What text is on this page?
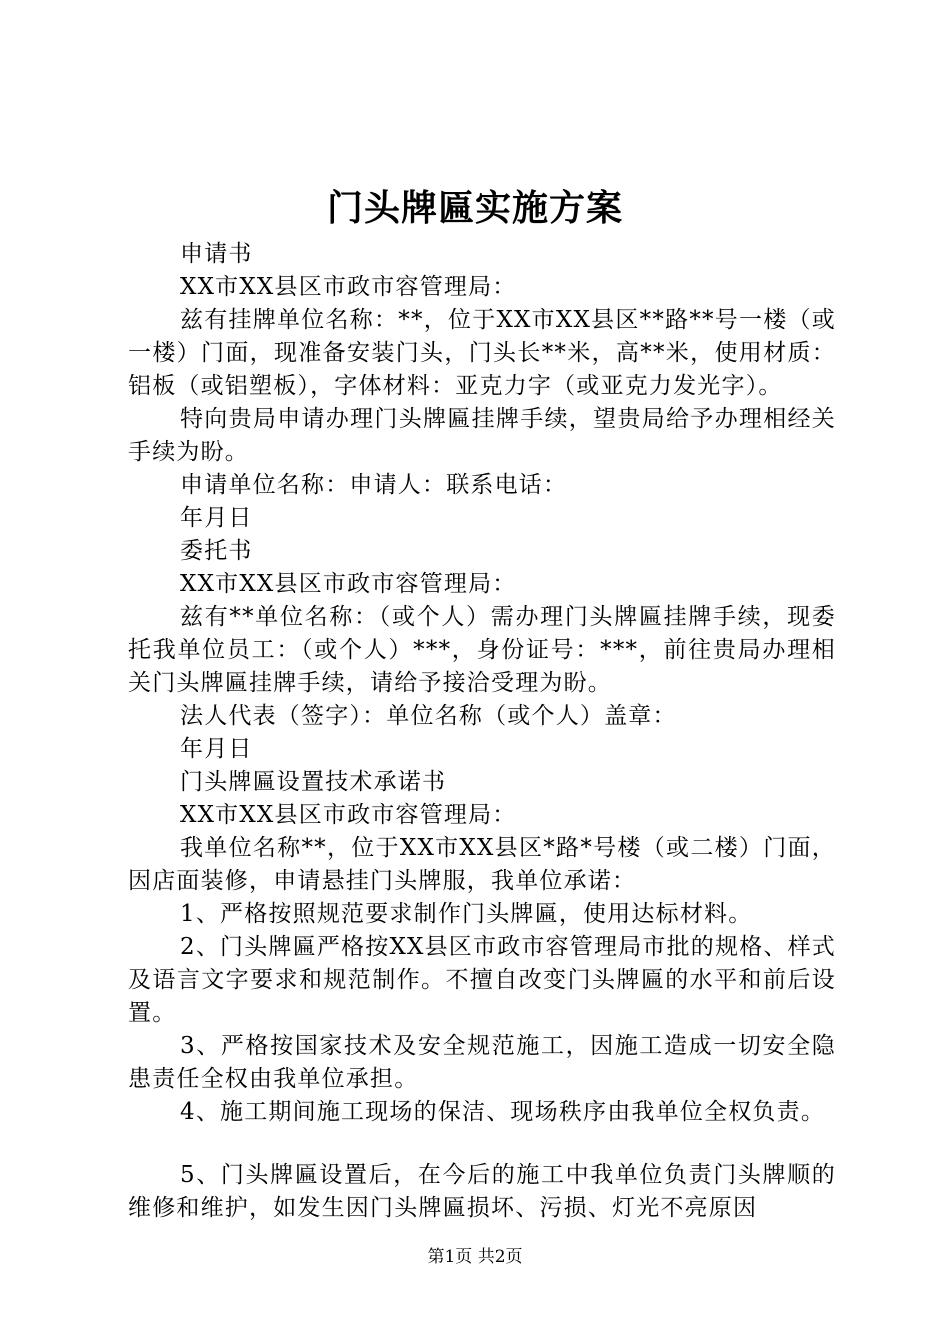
门头牌匾实施方案

申请书

XX市XX县区市政市容管理局：

兹有挂牌单位名称：**，位于XX市XX县区**路**号一楼（或一楼）门面，现准备安装门头，门头长**米，高**米，使用材质：铝板（或铝塑板），字体材料：亚克力字（或亚克力发光字）。

特向贵局申请办理门头牌匾挂牌手续，望贵局给予办理相经关手续为盼。

申请单位名称：申请人：联系电话：

年月日

委托书

XX市XX县区市政市容管理局：

兹有**单位名称：（或个人）需办理门头牌匾挂牌手续，现委托我单位员工：（或个人）***，身份证号：***，前往贵局办理相关门头牌匾挂牌手续，请给予接洽受理为盼。

法人代表（签字）：单位名称（或个人）盖章：

年月日

门头牌匾设置技术承诺书

XX市XX县区市政市容管理局：

我单位名称**，位于XX市XX县区*路*号楼（或二楼）门面，因店面装修，申请悬挂门头牌服，我单位承诺：

1、严格按照规范要求制作门头牌匾，使用达标材料。

2、门头牌匾严格按XX县区市政市容管理局市批的规格、样式及语言文字要求和规范制作。不擅自改变门头牌匾的水平和前后设置。

3、严格按国家技术及安全规范施工，因施工造成一切安全隐患责任全权由我单位承担。

4、施工期间施工现场的保洁、现场秩序由我单位全权负责。

5、门头牌匾设置后，在今后的施工中我单位负责门头牌顺的维修和维护，如发生因门头牌匾损坏、污损、灯光不亮原因

第1页 共2页
